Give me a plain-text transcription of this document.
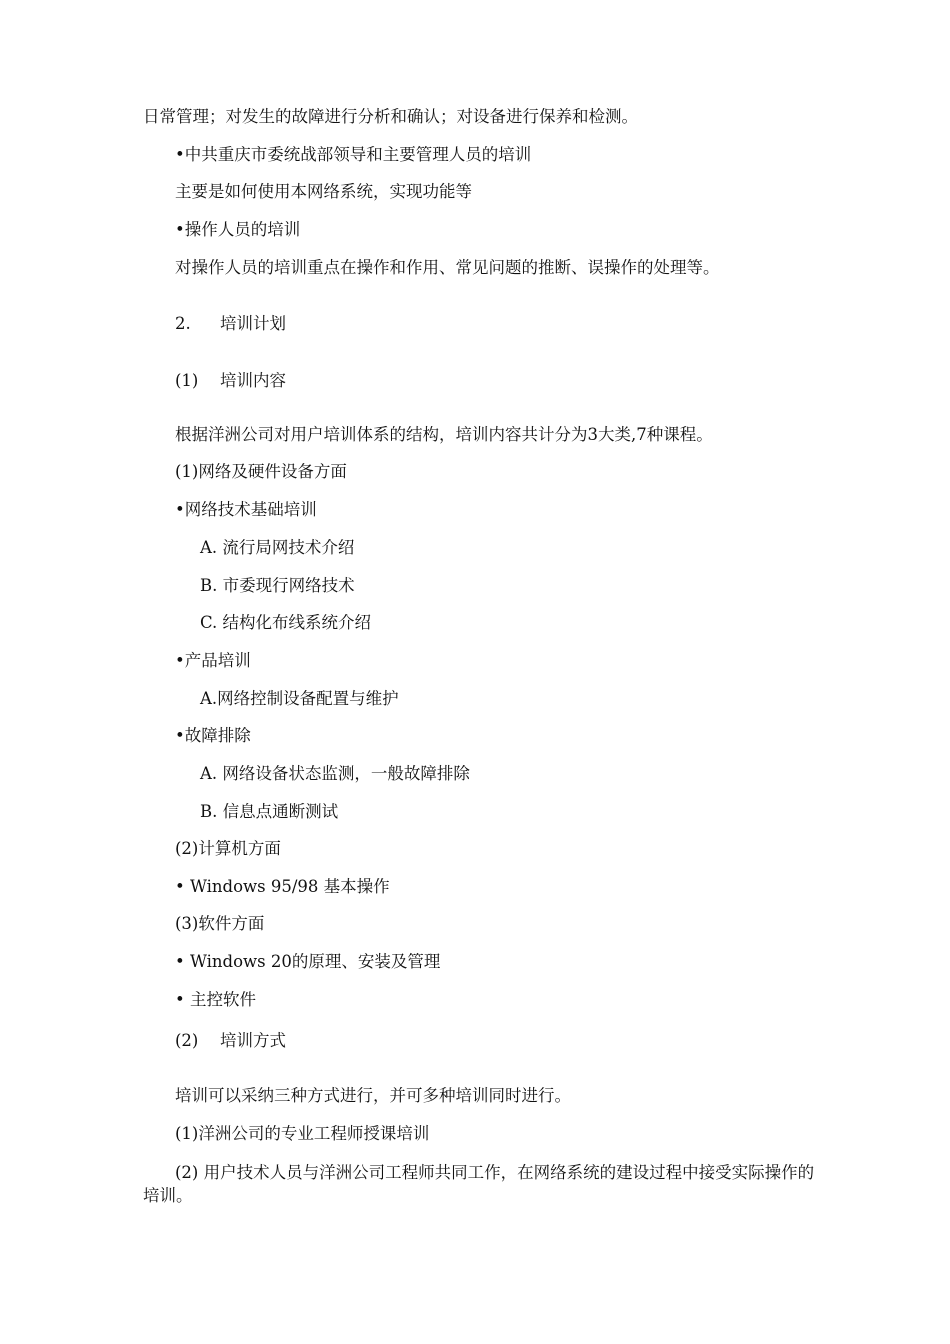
日常管理；对发生的故障进行分析和确认；对设备进行保养和检测。
•中共重庆市委统战部领导和主要管理人员的培训
主要是如何使用本网络系统，实现功能等
•操作人员的培训
对操作人员的培训重点在操作和作用、常见问题的推断、误操作的处理等。
2. 培训计划
(1) 培训内容
根据洋洲公司对用户培训体系的结构，培训内容共计分为3大类,7种课程。
(1)网络及硬件设备方面
•网络技术基础培训
A. 流行局网技术介绍
B. 市委现行网络技术
C. 结构化布线系统介绍
•产品培训
A.网络控制设备配置与维护
•故障排除
A. 网络设备状态监测，一般故障排除
B. 信息点通断测试
(2)计算机方面
• Windows 95/98 基本操作
(3)软件方面
• Windows 20的原理、安装及管理
• 主控软件
(2) 培训方式
培训可以采纳三种方式进行，并可多种培训同时进行。
(1)洋洲公司的专业工程师授课培训
(2) 用户技术人员与洋洲公司工程师共同工作，在网络系统的建设过程中接受实际操作的培训。
